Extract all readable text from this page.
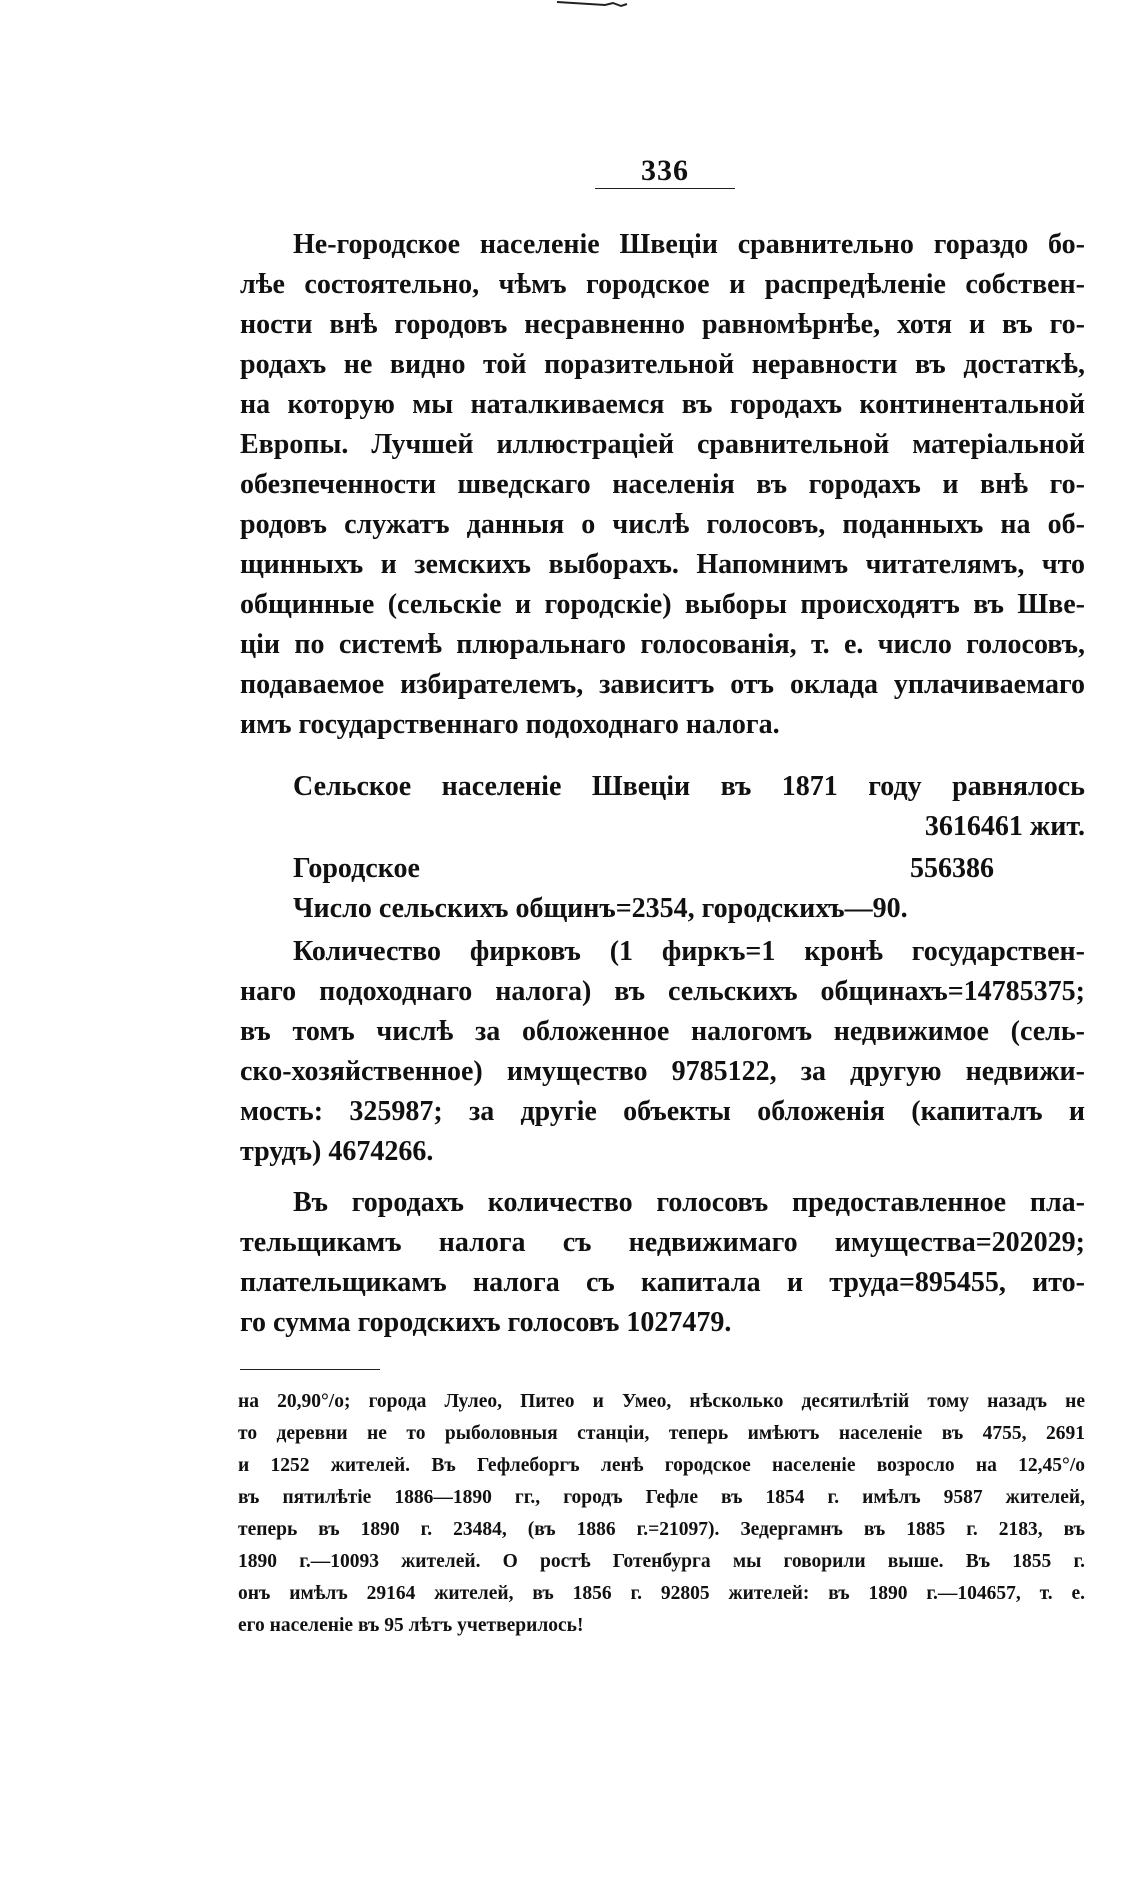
336
Не-городское населеніе Швеціи сравнительно гораздо бо-
лѣе состоятельно, чѣмъ городское и распредѣленіе собствен-
ности внѣ городовъ несравненно равномѣрнѣе, хотя и въ го-
родахъ не видно той поразительной неравности въ достаткѣ,
на которую мы наталкиваемся въ городахъ континентальной
Европы. Лучшей иллюстраціей сравнительной матеріальной
обезпеченности шведскаго населенія въ городахъ и внѣ го-
родовъ служатъ данныя о числѣ голосовъ, поданныхъ на об-
щинныхъ и земскихъ выборахъ. Напомнимъ читателямъ, что
общинные (сельскіе и городскіе) выборы происходятъ въ Шве-
ціи по системѣ плюральнаго голосованія, т. е. число голосовъ,
подаваемое избирателемъ, зависитъ отъ оклада уплачиваемаго
имъ государственнаго подоходнаго налога.
Сельское населеніе Швеціи въ 1871 году равнялось
3616461 жит.
Городское	556386
Число сельскихъ общинъ=2354, городскихъ—90.
Количество фирковъ (1 фиркъ=1 кронѣ государствен-
наго подоходнаго налога) въ сельскихъ общинахъ=14785375;
въ томъ числѣ за обложенное налогомъ недвижимое (сель-
ско-хозяйственное) имущество 9785122, за другую недвижи-
мость: 325987; за другіе объекты обложенія (капиталъ и
трудъ) 4674266.
Въ городахъ количество голосовъ предоставленное пла-
тельщикамъ налога съ недвижимаго имущества=202029;
плательщикамъ налога съ капитала и труда=895455, ито-
го сумма городскихъ голосовъ 1027479.
на 20,90°/о; города Лулео, Питео и Умео, нѣсколько десятилѣтій тому назадъ не
то деревни не то рыболовныя станціи, теперь имѣютъ населеніе въ 4755, 2691
и 1252 жителей. Въ Гефлеборгъ ленѣ городское населеніе возросло на 12,45°/о
въ пятилѣтіе 1886—1890 гг., городъ Гефле въ 1854 г. имѣлъ 9587 жителей,
теперь въ 1890 г. 23484, (въ 1886 г.=21097). Зедергамнъ въ 1885 г. 2183, въ
1890 г.—10093 жителей. О ростѣ Готенбурга мы говорили выше. Въ 1855 г.
онъ имѣлъ 29164 жителей, въ 1856 г. 92805 жителей: въ 1890 г.—104657, т. е.
его населеніе въ 95 лѣтъ учетверилось!
